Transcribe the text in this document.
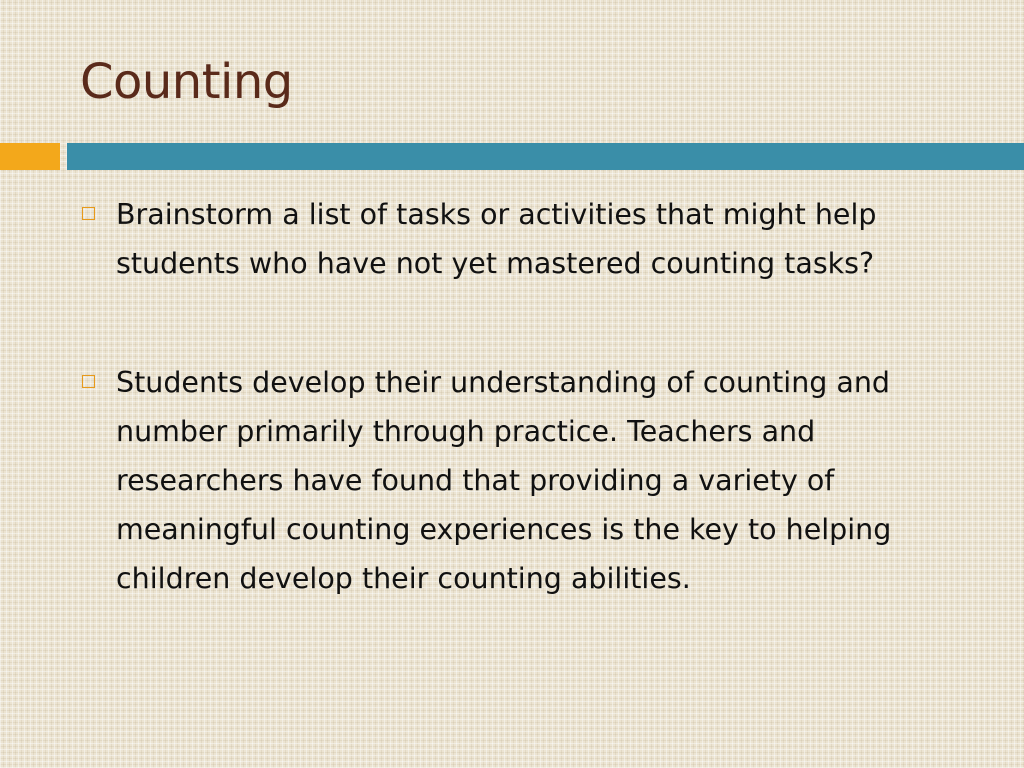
Counting
Brainstorm a list of tasks or activities that might help students who have not yet mastered counting tasks?
Students develop their understanding of counting and number primarily through practice. Teachers and researchers have found that providing a variety of meaningful counting experiences is the key to helping children develop their counting abilities.
